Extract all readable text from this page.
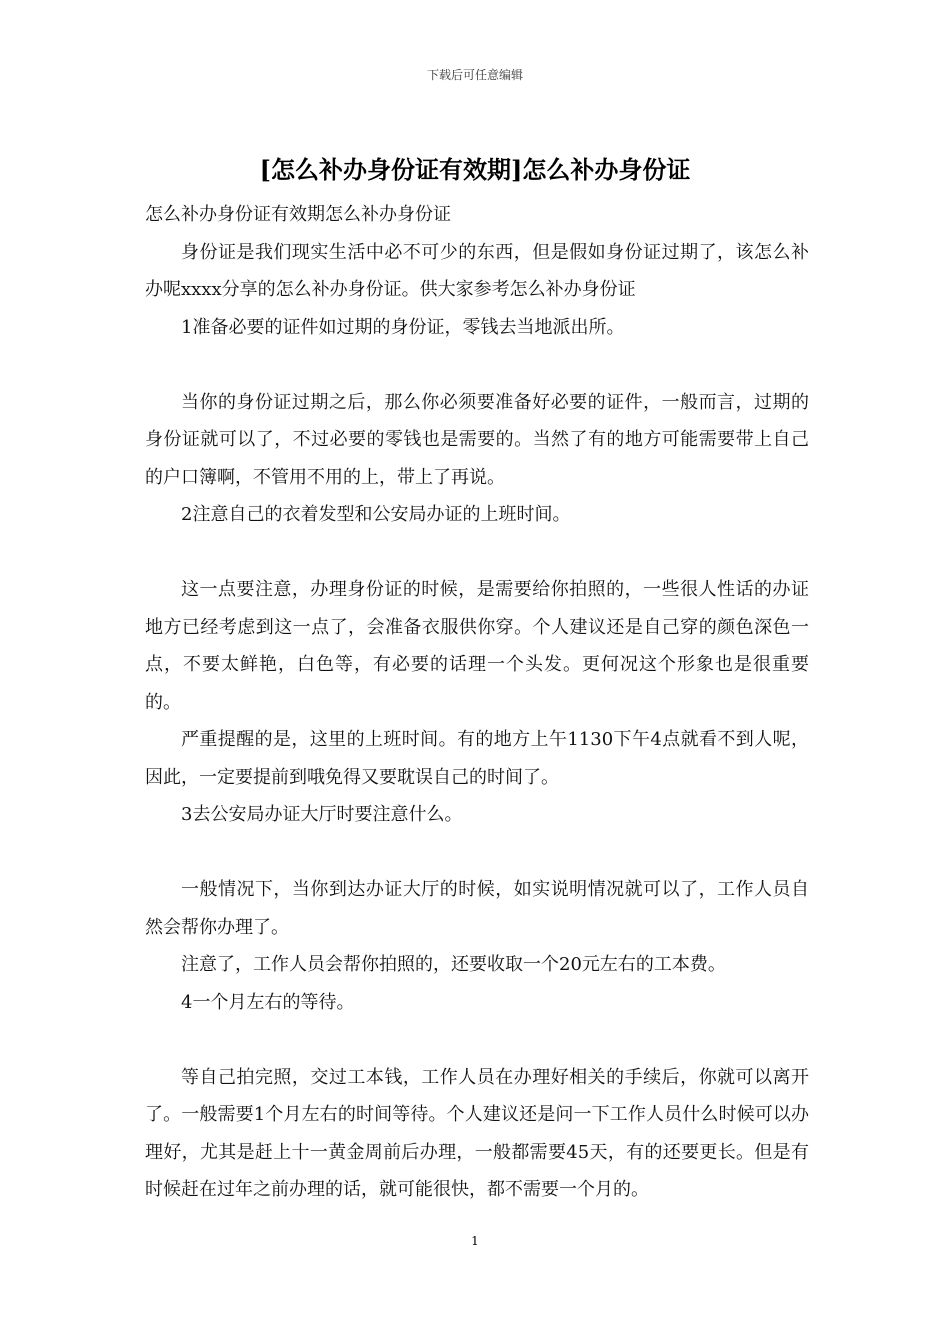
下载后可任意编辑
[怎么补办身份证有效期]怎么补办身份证

怎么补办身份证有效期怎么补办身份证

身份证是我们现实生活中必不可少的东西，但是假如身份证过期了，该怎么补办呢xxxx分享的怎么补办身份证。供大家参考怎么补办身份证

1准备必要的证件如过期的身份证，零钱去当地派出所。

当你的身份证过期之后，那么你必须要准备好必要的证件，一般而言，过期的身份证就可以了，不过必要的零钱也是需要的。当然了有的地方可能需要带上自己的户口簿啊，不管用不用的上，带上了再说。

2注意自己的衣着发型和公安局办证的上班时间。

这一点要注意，办理身份证的时候，是需要给你拍照的，一些很人性话的办证地方已经考虑到这一点了，会准备衣服供你穿。个人建议还是自己穿的颜色深色一点，不要太鲜艳，白色等，有必要的话理一个头发。更何况这个形象也是很重要的。

严重提醒的是，这里的上班时间。有的地方上午1130下午4点就看不到人呢，因此，一定要提前到哦免得又要耽误自己的时间了。

3去公安局办证大厅时要注意什么。

一般情况下，当你到达办证大厅的时候，如实说明情况就可以了，工作人员自然会帮你办理了。

注意了，工作人员会帮你拍照的，还要收取一个20元左右的工本费。

4一个月左右的等待。

等自己拍完照，交过工本钱，工作人员在办理好相关的手续后，你就可以离开了。一般需要1个月左右的时间等待。个人建议还是问一下工作人员什么时候可以办理好，尤其是赶上十一黄金周前后办理，一般都需要45天，有的还要更长。但是有时候赶在过年之前办理的话，就可能很快，都不需要一个月的。

1
